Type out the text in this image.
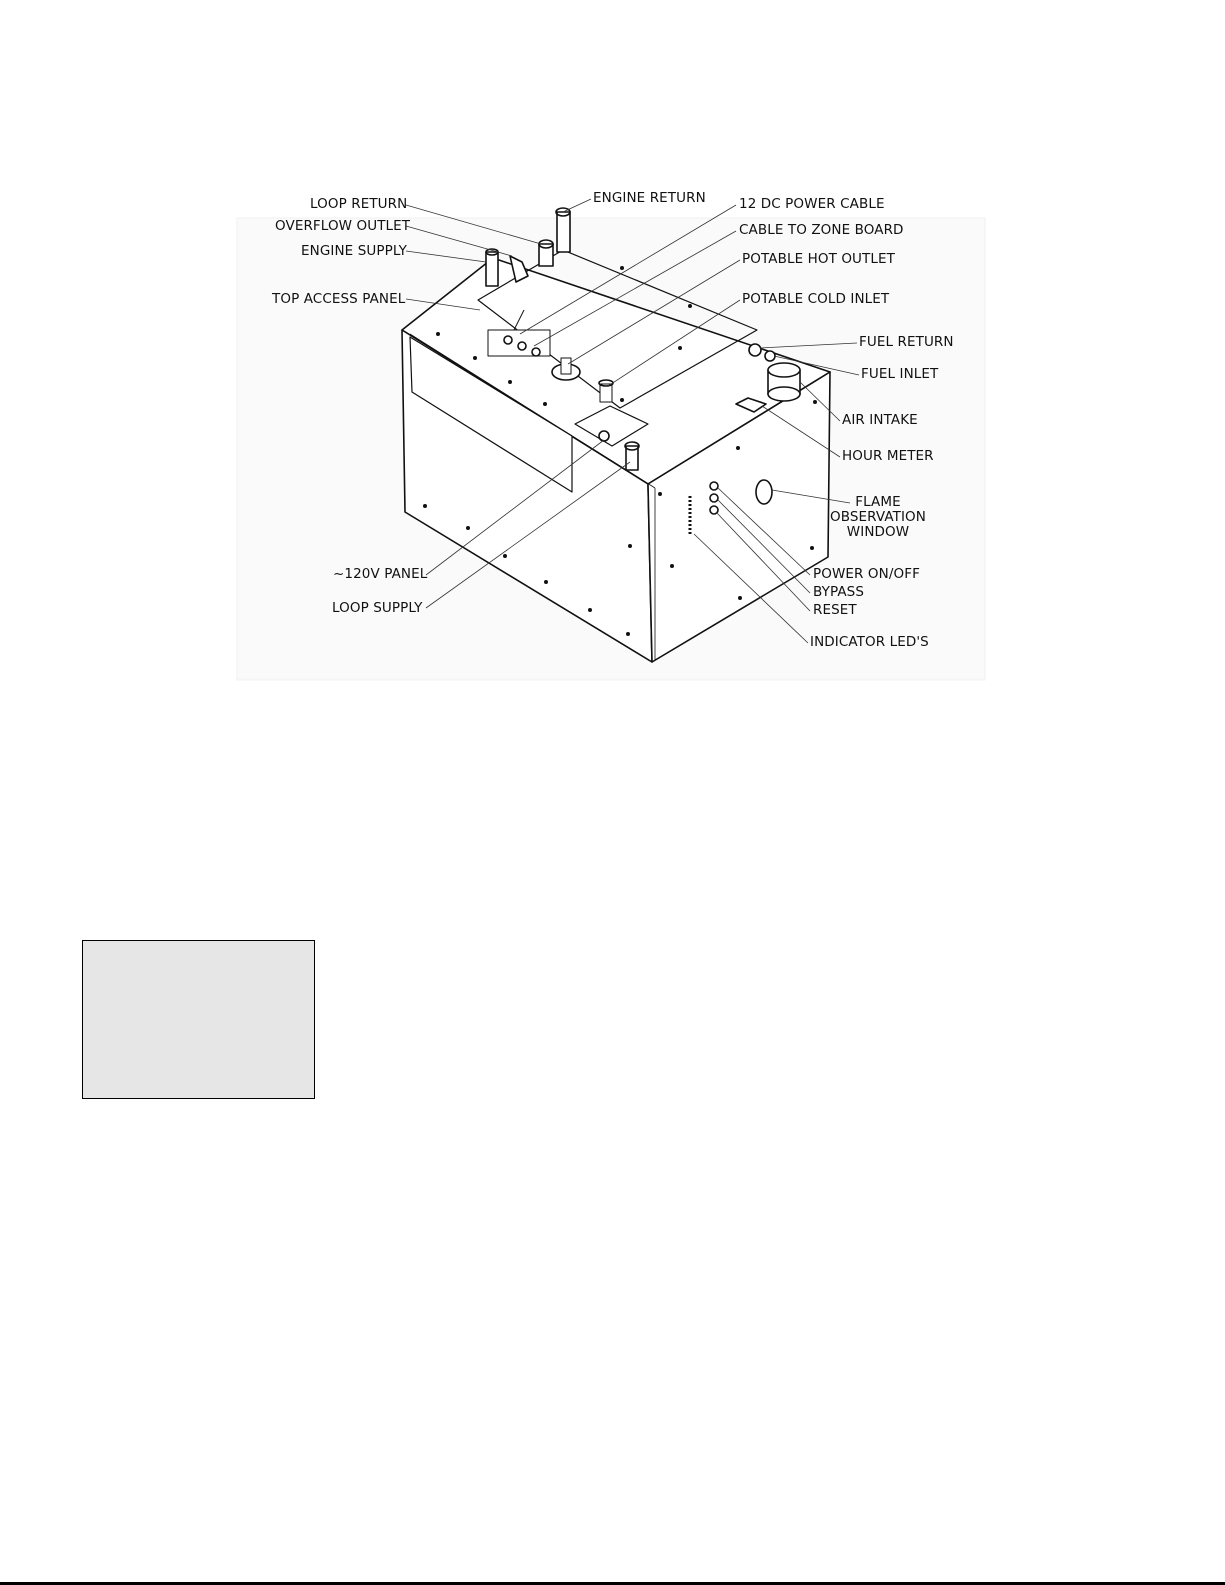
LOOP RETURN
OVERFLOW OUTLET
ENGINE SUPPLY
TOP ACCESS PANEL
ENGINE RETURN 12 DC POWER CABLE
CABLE TO ZONE BOARD
POTABLE HOT OUTLET
POTABLE COLD INLET
FUEL RETURN
FUEL INLET
AIR INTAKE
HOUR METER
FLAME
OBSERVATION
WINDOW
POWER ON/OFF
BYPASS
RESET
INDICATOR LED'S
~120V PANEL
LOOP SUPPLY
